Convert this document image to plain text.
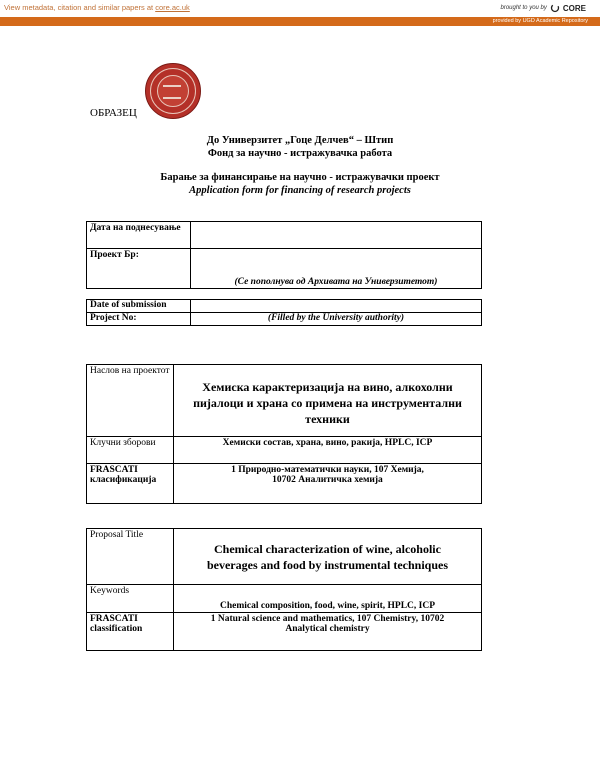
View metadata, citation and similar papers at core.ac.uk	brought to you by CORE
provided by UGD Academic Repository
ОБРАЗЕЦ
До Универзитет „Гоце Делчев“ – Штип
Фонд за научно - истражувачка работа
Барање за финансирање на научно - истражувачки проект
Application form for financing of research projects
Дата на поднесување	
Проект Бр:	(Се пополнува од Архивата на Универзитетот)
Date of submission	
Project No:	(Filled by the University authority)
Наслов на проектот	Хемиска карактеризација на вино, алкохолни пијалоци и храна со примена на инструментални техники
Клучни зборови	Хемиски состав, храна, вино, ракија, HPLC, ICP
FRASCATI класификација	1 Природно-математички науки, 107 Хемија, 10702 Аналитичка хемија
Proposal Title	Chemical characterization of wine, alcoholic beverages and food by instrumental techniques
Keywords	Chemical composition, food, wine, spirit, HPLC, ICP
FRASCATI classification	1 Natural science and mathematics, 107 Chemistry, 10702 Analytical chemistry
